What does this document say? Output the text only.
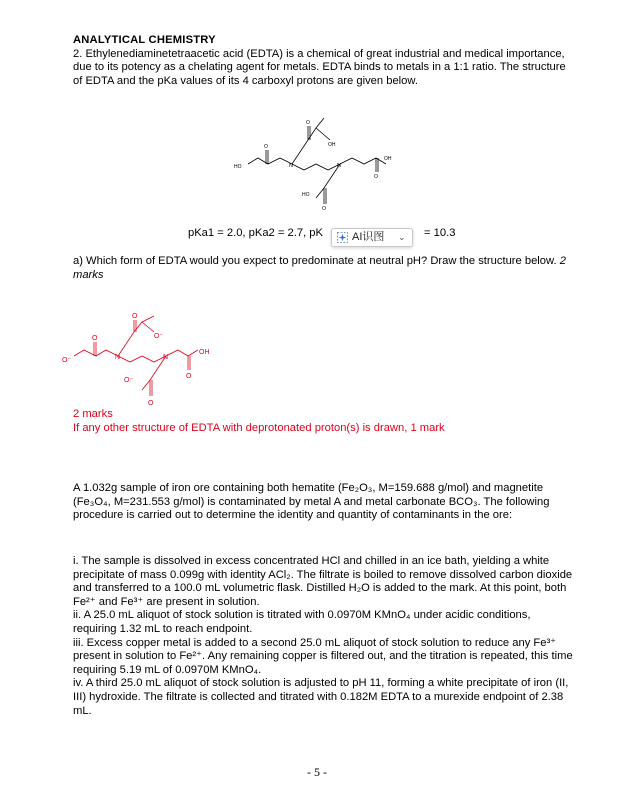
ANALYTICAL CHEMISTRY

2. Ethylenediaminetetraacetic acid (EDTA) is a chemical of great industrial and medical importance, due to its potency as a chelating agent for metals. EDTA binds to metals in a 1:1 ratio. The structure of EDTA and the pKa values of its 4 carboxyl protons are given below.

N	N
OH
O
HO
O
OH
O
HO
O
pKa1 = 2.0, pKa2 = 2.7, pK	= 10.3
AI识图 ⌄
a) Which form of EDTA would you expect to predominate at neutral pH? Draw the structure below. 2 marks
N	N
O⁻
O
O⁻
O
OH
O
O⁻
O
2 marks
If any other structure of EDTA with deprotonated proton(s) is drawn, 1 mark

A 1.032g sample of iron ore containing both hematite (Fe₂O₃, M=159.688 g/mol) and magnetite (Fe₃O₄, M=231.553 g/mol) is contaminated by metal A and metal carbonate BCO₃. The following procedure is carried out to determine the identity and quantity of contaminants in the ore:

i. The sample is dissolved in excess concentrated HCl and chilled in an ice bath, yielding a white precipitate of mass 0.099g with identity ACl₂. The filtrate is boiled to remove dissolved carbon dioxide and transferred to a 100.0 mL volumetric flask. Distilled H₂O is added to the mark. At this point, both Fe²⁺ and Fe³⁺ are present in solution.

ii. A 25.0 mL aliquot of stock solution is titrated with 0.0970M KMnO₄ under acidic conditions, requiring 1.32 mL to reach endpoint.

iii. Excess copper metal is added to a second 25.0 mL aliquot of stock solution to reduce any Fe³⁺ present in solution to Fe²⁺. Any remaining copper is filtered out, and the titration is repeated, this time requiring 5.19 mL of 0.0970M KMnO₄.

iv. A third 25.0 mL aliquot of stock solution is adjusted to pH 11, forming a white precipitate of iron (II, III) hydroxide. The filtrate is collected and titrated with 0.182M EDTA to a murexide endpoint of 2.38 mL.

- 5 -
